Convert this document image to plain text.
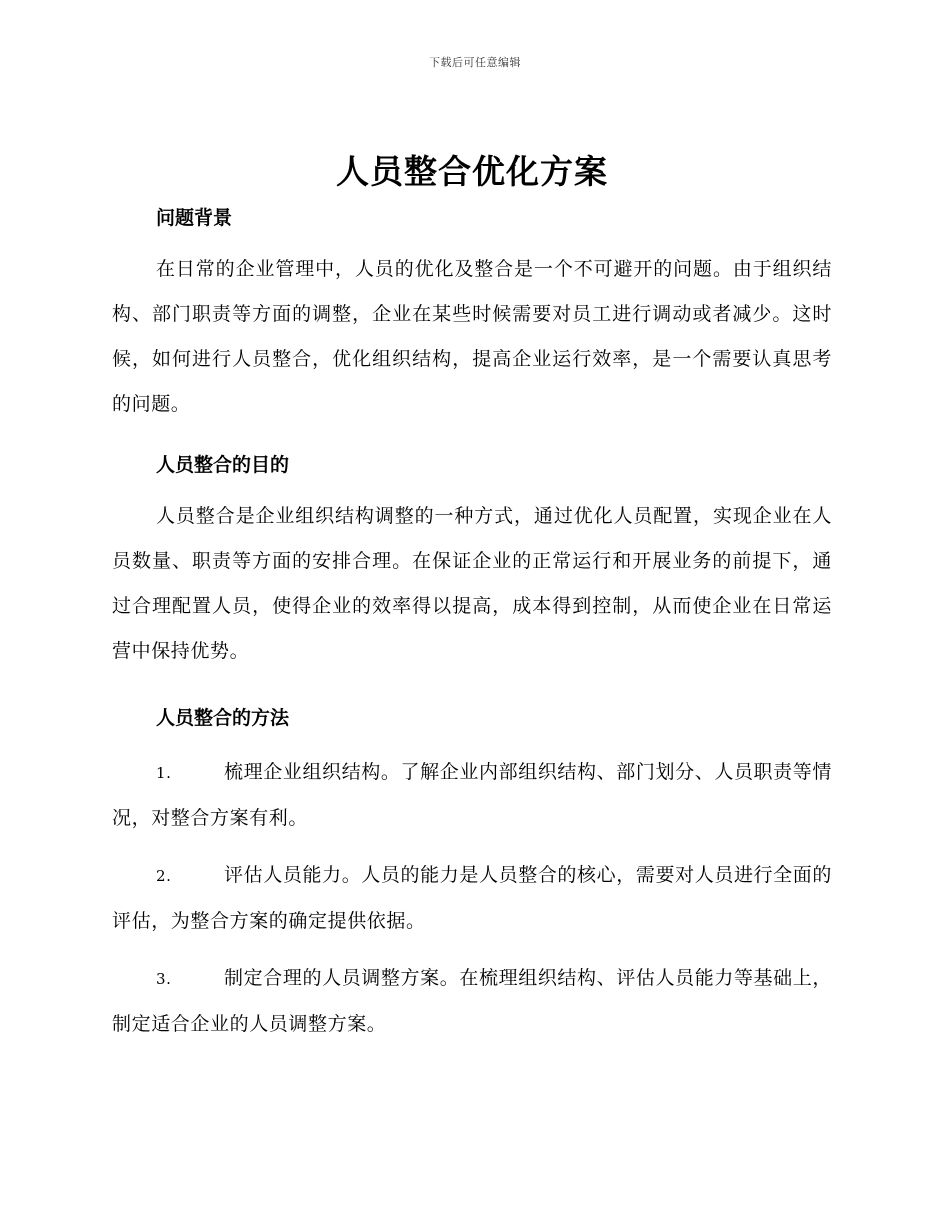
下载后可任意编辑
人员整合优化方案
问题背景

在日常的企业管理中，人员的优化及整合是一个不可避开的问题。由于组织结构、部门职责等方面的调整，企业在某些时候需要对员工进行调动或者减少。这时候，如何进行人员整合，优化组织结构，提高企业运行效率，是一个需要认真思考的问题。

人员整合的目的

人员整合是企业组织结构调整的一种方式，通过优化人员配置，实现企业在人员数量、职责等方面的安排合理。在保证企业的正常运行和开展业务的前提下，通过合理配置人员，使得企业的效率得以提高，成本得到控制，从而使企业在日常运营中保持优势。

人员整合的方法

1.	梳理企业组织结构。了解企业内部组织结构、部门划分、人员职责等情况，对整合方案有利。

2.	评估人员能力。人员的能力是人员整合的核心，需要对人员进行全面的评估，为整合方案的确定提供依据。

3.	制定合理的人员调整方案。在梳理组织结构、评估人员能力等基础上，制定适合企业的人员调整方案。
